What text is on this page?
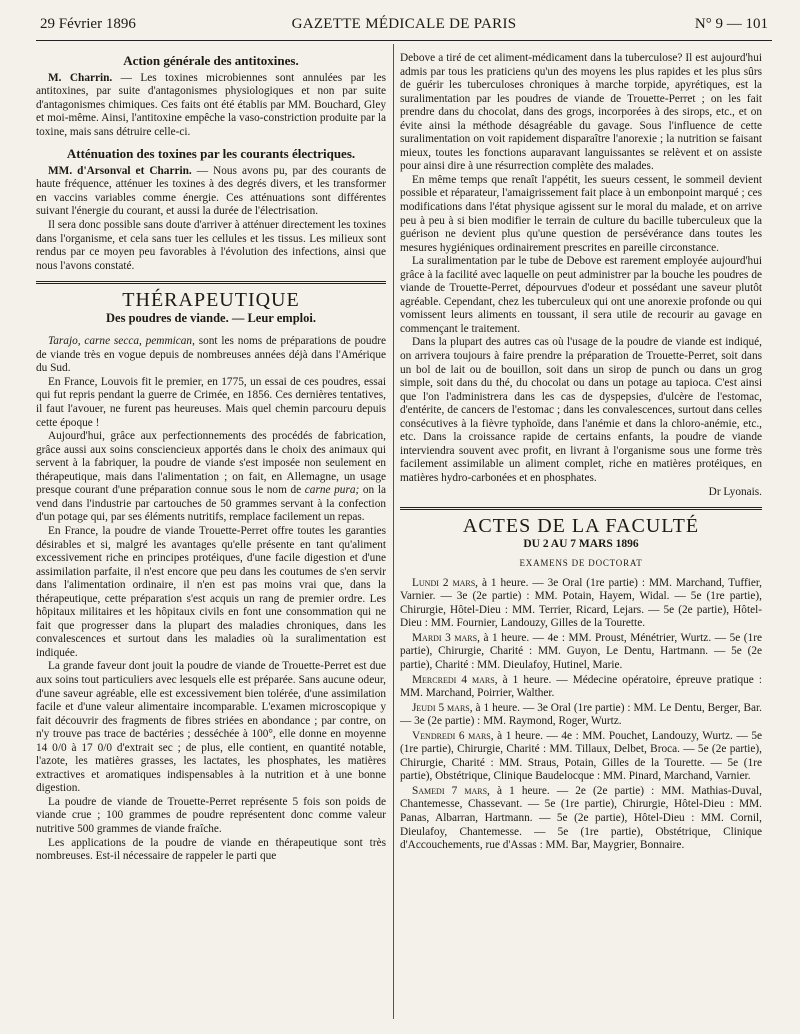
29 Février 1896	GAZETTE MÉDICALE DE PARIS	N° 9 — 101
Action générale des antitoxines.

M. Charrin. — Les toxines microbiennes sont annulées par les antitoxines, par suite d'antagonismes physiologiques et non par suite d'antagonismes chimiques. Ces faits ont été établis par MM. Bouchard, Gley et moi-même. Ainsi, l'antitoxine empêche la vaso-constriction produite par la toxine, mais sans détruire celle-ci.

Atténuation des toxines par les courants électriques.

MM. d'Arsonval et Charrin. — Nous avons pu, par des courants de haute fréquence, atténuer les toxines à des degrés divers, et les transformer en vaccins variables comme énergie. Ces atténuations sont différentes suivant l'énergie du courant, et aussi la durée de l'électrisation.

Il sera donc possible sans doute d'arriver à atténuer directement les toxines dans l'organisme, et cela sans tuer les cellules et les tissus. Les milieux sont rendus par ce moyen peu favorables à l'évolution des infections, ainsi que nous l'avons constaté.

THÉRAPEUTIQUE
Des poudres de viande. — Leur emploi.

Tarajo, carne secca, pemmican, sont les noms de préparations de poudre de viande très en vogue depuis de nombreuses années déjà dans l'Amérique du Sud.

En France, Louvois fit le premier, en 1775, un essai de ces poudres, essai qui fut repris pendant la guerre de Crimée, en 1856. Ces dernières tentatives, il faut l'avouer, ne furent pas heureuses. Mais quel chemin parcouru depuis cette époque !

Aujourd'hui, grâce aux perfectionnements des procédés de fabrication, grâce aussi aux soins consciencieux apportés dans le choix des animaux qui servent à la fabriquer, la poudre de viande s'est imposée non seulement en thérapeutique, mais dans l'alimentation ; on fait, en Allemagne, un usage presque courant d'une préparation connue sous le nom de carne pura; on la vend dans l'industrie par cartouches de 50 grammes servant à la confection d'un potage qui, par ses éléments nutritifs, remplace facilement un repas.

En France, la poudre de viande Trouette-Perret offre toutes les garanties désirables et si, malgré les avantages qu'elle présente en tant qu'aliment excessivement riche en principes protéiques, d'une facile digestion et d'une assimilation parfaite, il n'est encore que peu dans les coutumes de s'en servir dans l'alimentation ordinaire, il n'en est pas moins vrai que, dans la thérapeutique, cette préparation s'est acquis un rang de premier ordre. Les hôpitaux militaires et les hôpitaux civils en font une consommation qui ne fait que progresser dans la plupart des maladies chroniques, dans les convalescences et surtout dans les maladies où la suralimentation est indiquée.

La grande faveur dont jouit la poudre de viande de Trouette-Perret est due aux soins tout particuliers avec lesquels elle est préparée. Sans aucune odeur, d'une saveur agréable, elle est excessivement bien tolérée, d'une assimilation facile et d'une valeur alimentaire incomparable. L'examen microscopique y fait découvrir des fragments de fibres striées en abondance ; par contre, on n'y trouve pas trace de bactéries ; desséchée à 100°, elle donne en moyenne 14 0/0 à 17 0/0 d'extrait sec ; de plus, elle contient, en quantité notable, l'azote, les matières grasses, les lactates, les phosphates, les matières extractives et aromatiques indispensables à la nutrition et à une bonne digestion.

La poudre de viande de Trouette-Perret représente 5 fois son poids de viande crue ; 100 grammes de poudre représentent donc comme valeur nutritive 500 grammes de viande fraîche.

Les applications de la poudre de viande en thérapeutique sont très nombreuses. Est-il nécessaire de rappeler le parti que

Debove a tiré de cet aliment-médicament dans la tuberculose? Il est aujourd'hui admis par tous les praticiens qu'un des moyens les plus rapides et les plus sûrs de guérir les tuberculoses chroniques à marche torpide, apyrétiques, est la suralimentation par les poudres de viande de Trouette-Perret ; on les fait prendre dans du chocolat, dans des grogs, incorporées à des sirops, etc., et on évite ainsi la méthode désagréable du gavage. Sous l'influence de cette suralimentation on voit rapidement disparaître l'anorexie ; la nutrition se faisant mieux, toutes les fonctions auparavant languissantes se relèvent et on assiste pour ainsi dire à une résurrection complète des malades.

En même temps que renaît l'appétit, les sueurs cessent, le sommeil devient possible et réparateur, l'amaigrissement fait place à un embonpoint marqué ; ces modifications dans l'état physique agissent sur le moral du malade, et on arrive peu à peu à si bien modifier le terrain de culture du bacille tuberculeux que la guérison ne devient plus qu'une question de persévérance dans toutes les mesures hygiéniques ordinairement prescrites en pareille circonstance.

La suralimentation par le tube de Debove est rarement employée aujourd'hui grâce à la facilité avec laquelle on peut administrer par la bouche les poudres de viande de Trouette-Perret, dépourvues d'odeur et possédant une saveur plutôt agréable. Cependant, chez les tuberculeux qui ont une anorexie profonde ou qui vomissent leurs aliments en toussant, il sera utile de recourir au gavage en commençant le traitement.

Dans la plupart des autres cas où l'usage de la poudre de viande est indiqué, on arrivera toujours à faire prendre la préparation de Trouette-Perret, soit dans un bol de lait ou de bouillon, soit dans un sirop de punch ou dans un grog simple, soit dans du thé, du chocolat ou dans un potage au tapioca. C'est ainsi que l'on l'administrera dans les cas de dyspepsies, d'ulcère de l'estomac, d'entérite, de cancers de l'estomac ; dans les convalescences, surtout dans celles consécutives à la fièvre typhoïde, dans l'anémie et dans la chloro-anémie, etc., etc. Dans la croissance rapide de certains enfants, la poudre de viande interviendra souvent avec profit, en livrant à l'organisme sous une forme très facilement assimilable un aliment complet, riche en matières protéiques, en matières hydro-carbonées et en phosphates.

Dr Lyonais.

ACTES DE LA FACULTÉ
DU 2 AU 7 MARS 1896
EXAMENS DE DOCTORAT

Lundi 2 mars, à 1 heure. — 3e Oral (1re partie) : MM. Marchand, Tuffier, Varnier. — 3e (2e partie) : MM. Potain, Hayem, Widal. — 5e (1re partie), Chirurgie, Hôtel-Dieu : MM. Terrier, Ricard, Lejars. — 5e (2e partie), Hôtel-Dieu : MM. Fournier, Landouzy, Gilles de la Tourette.

Mardi 3 mars, à 1 heure. — 4e : MM. Proust, Ménétrier, Wurtz. — 5e (1re partie), Chirurgie, Charité : MM. Guyon, Le Dentu, Hartmann. — 5e (2e partie), Charité : MM. Dieulafoy, Hutinel, Marie.

Mercredi 4 mars, à 1 heure. — Médecine opératoire, épreuve pratique : MM. Marchand, Poirrier, Walther.

Jeudi 5 mars, à 1 heure. — 3e Oral (1re partie) : MM. Le Dentu, Berger, Bar. — 3e (2e partie) : MM. Raymond, Roger, Wurtz.

Vendredi 6 mars, à 1 heure. — 4e : MM. Pouchet, Landouzy, Wurtz. — 5e (1re partie), Chirurgie, Charité : MM. Tillaux, Delbet, Broca. — 5e (2e partie), Chirurgie, Charité : MM. Straus, Potain, Gilles de la Tourette. — 5e (1re partie), Obstétrique, Clinique Baudelocque : MM. Pinard, Marchand, Varnier.

Samedi 7 mars, à 1 heure. — 2e (2e partie) : MM. Mathias-Duval, Chantemesse, Chassevant. — 5e (1re partie), Chirurgie, Hôtel-Dieu : MM. Panas, Albarran, Hartmann. — 5e (2e partie), Hôtel-Dieu : MM. Cornil, Dieulafoy, Chantemesse. — 5e (1re partie), Obstétrique, Clinique d'Accouchements, rue d'Assas : MM. Bar, Maygrier, Bonnaire.
